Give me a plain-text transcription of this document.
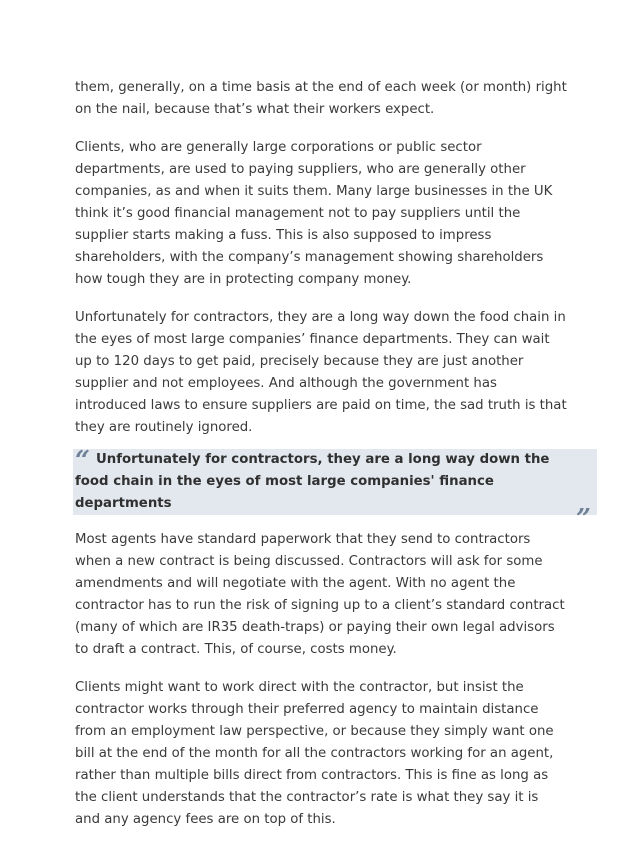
them, generally, on a time basis at the end of each week (or month) right on the nail, because that’s what their workers expect.

Clients, who are generally large corporations or public sector departments, are used to paying suppliers, who are generally other companies, as and when it suits them. Many large businesses in the UK think it’s good financial management not to pay suppliers until the supplier starts making a fuss. This is also supposed to impress shareholders, with the company’s management showing shareholders how tough they are in protecting company money.

Unfortunately for contractors, they are a long way down the food chain in the eyes of most large companies’ finance departments. They can wait up to 120 days to get paid, precisely because they are just another supplier and not employees. And although the government has introduced laws to ensure suppliers are paid on time, the sad truth is that they are routinely ignored.

“ Unfortunately for contractors, they are a long way down the food chain in the eyes of most large companies' finance departments
”

Most agents have standard paperwork that they send to contractors when a new contract is being discussed. Contractors will ask for some amendments and will negotiate with the agent. With no agent the contractor has to run the risk of signing up to a client’s standard contract (many of which are IR35 death-traps) or paying their own legal advisors to draft a contract. This, of course, costs money.

Clients might want to work direct with the contractor, but insist the contractor works through their preferred agency to maintain distance from an employment law perspective, or because they simply want one bill at the end of the month for all the contractors working for an agent, rather than multiple bills direct from contractors. This is fine as long as the client understands that the contractor’s rate is what they say it is and any agency fees are on top of this.
